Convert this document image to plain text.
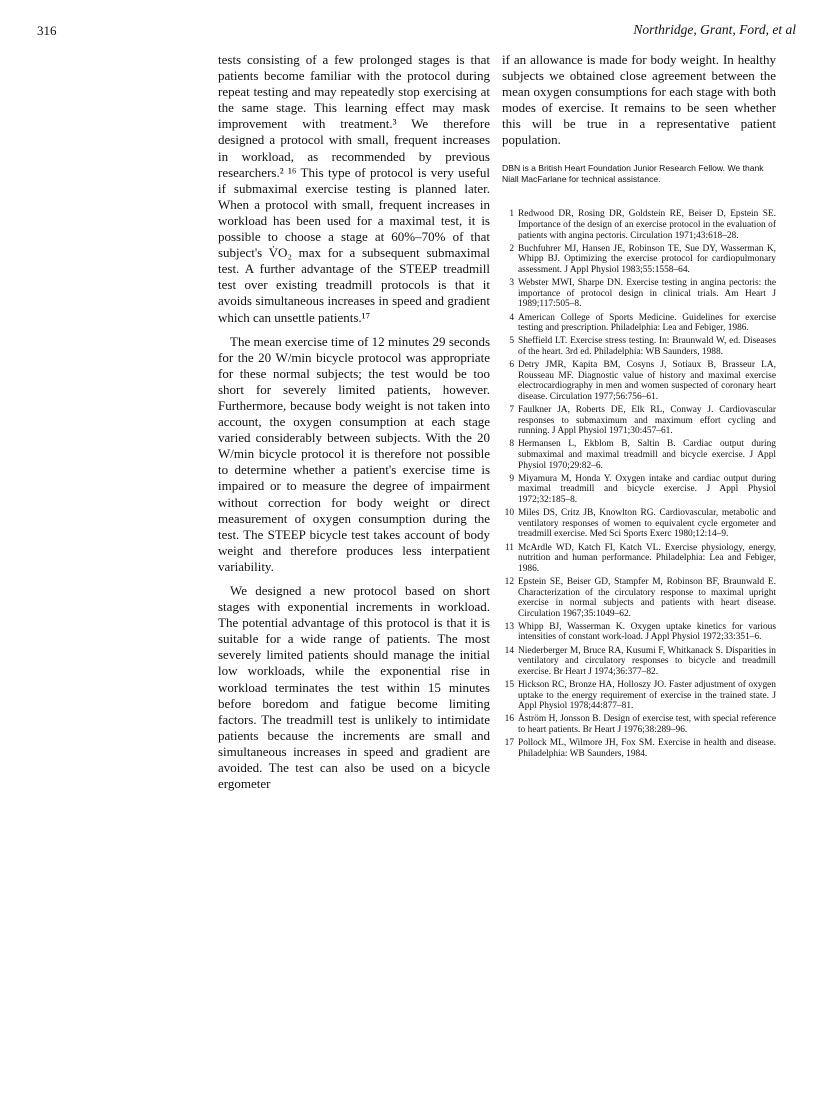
316	Northridge, Grant, Ford, et al

tests consisting of a few prolonged stages is that patients become familiar with the protocol during repeat testing and may repeatedly stop exercising at the same stage. This learning effect may mask improvement with treatment.³ We therefore designed a protocol with small, frequent increases in workload, as recommended by previous researchers.² ¹⁶ This type of protocol is very useful if submaximal exercise testing is planned later. When a protocol with small, frequent increases in workload has been used for a maximal test, it is possible to choose a stage at 60%–70% of that subject's V̇O₂ max for a subsequent submaximal test. A further advantage of the STEEP treadmill test over existing treadmill protocols is that it avoids simultaneous increases in speed and gradient which can unsettle patients.¹⁷

The mean exercise time of 12 minutes 29 seconds for the 20 W/min bicycle protocol was appropriate for these normal subjects; the test would be too short for severely limited patients, however. Furthermore, because body weight is not taken into account, the oxygen consumption at each stage varied considerably between subjects. With the 20 W/min bicycle protocol it is therefore not possible to determine whether a patient's exercise time is impaired or to measure the degree of impairment without correction for body weight or direct measurement of oxygen consumption during the test. The STEEP bicycle test takes account of body weight and therefore produces less interpatient variability.

We designed a new protocol based on short stages with exponential increments in workload. The potential advantage of this protocol is that it is suitable for a wide range of patients. The most severely limited patients should manage the initial low workloads, while the exponential rise in workload terminates the test within 15 minutes before boredom and fatigue become limiting factors. The treadmill test is unlikely to intimidate patients because the increments are small and simultaneous increases in speed and gradient are avoided. The test can also be used on a bicycle ergometer

if an allowance is made for body weight. In healthy subjects we obtained close agreement between the mean oxygen consumptions for each stage with both modes of exercise. It remains to be seen whether this will be true in a representative patient population.

DBN is a British Heart Foundation Junior Research Fellow. We thank Niall MacFarlane for technical assistance.
1 Redwood DR, Rosing DR, Goldstein RE, Beiser D, Epstein SE. Importance of the design of an exercise protocol in the evaluation of patients with angina pectoris. Circulation 1971;43:618–28.
2 Buchfuhrer MJ, Hansen JE, Robinson TE, Sue DY, Wasserman K, Whipp BJ. Optimizing the exercise protocol for cardiopulmonary assessment. J Appl Physiol 1983;55:1558–64.
3 Webster MWI, Sharpe DN. Exercise testing in angina pectoris: the importance of protocol design in clinical trials. Am Heart J 1989;117:505–8.
4 American College of Sports Medicine. Guidelines for exercise testing and prescription. Philadelphia: Lea and Febiger, 1986.
5 Sheffield LT. Exercise stress testing. In: Braunwald W, ed. Diseases of the heart. 3rd ed. Philadelphia: WB Saunders, 1988.
6 Detry JMR, Kapita BM, Cosyns J, Sotiaux B, Brasseur LA, Rousseau MF. Diagnostic value of history and maximal exercise electrocardiography in men and women suspected of coronary heart disease. Circulation 1977;56:756–61.
7 Faulkner JA, Roberts DE, Elk RL, Conway J. Cardiovascular responses to submaximum and maximum effort cycling and running. J Appl Physiol 1971;30:457–61.
8 Hermansen L, Ekblom B, Saltin B. Cardiac output during submaximal and maximal treadmill and bicycle exercise. J Appl Physiol 1970;29:82–6.
9 Miyamura M, Honda Y. Oxygen intake and cardiac output during maximal treadmill and bicycle exercise. J Appl Physiol 1972;32:185–8.
10 Miles DS, Critz JB, Knowlton RG. Cardiovascular, metabolic and ventilatory responses of women to equivalent cycle ergometer and treadmill exercise. Med Sci Sports Exerc 1980;12:14–9.
11 McArdle WD, Katch FI, Katch VL. Exercise physiology, energy, nutrition and human performance. Philadelphia: Lea and Febiger, 1986.
12 Epstein SE, Beiser GD, Stampfer M, Robinson BF, Braunwald E. Characterization of the circulatory response to maximal upright exercise in normal subjects and patients with heart disease. Circulation 1967;35:1049–62.
13 Whipp BJ, Wasserman K. Oxygen uptake kinetics for various intensities of constant work-load. J Appl Physiol 1972;33:351–6.
14 Niederberger M, Bruce RA, Kusumi F, Whitkanack S. Disparities in ventilatory and circulatory responses to bicycle and treadmill exercise. Br Heart J 1974;36:377–82.
15 Hickson RC, Bronze HA, Holloszy JO. Faster adjustment of oxygen uptake to the energy requirement of exercise in the trained state. J Appl Physiol 1978;44:877–81.
16 Åström H, Jonsson B. Design of exercise test, with special reference to heart patients. Br Heart J 1976;38:289–96.
17 Pollock ML, Wilmore JH, Fox SM. Exercise in health and disease. Philadelphia: WB Saunders, 1984.
